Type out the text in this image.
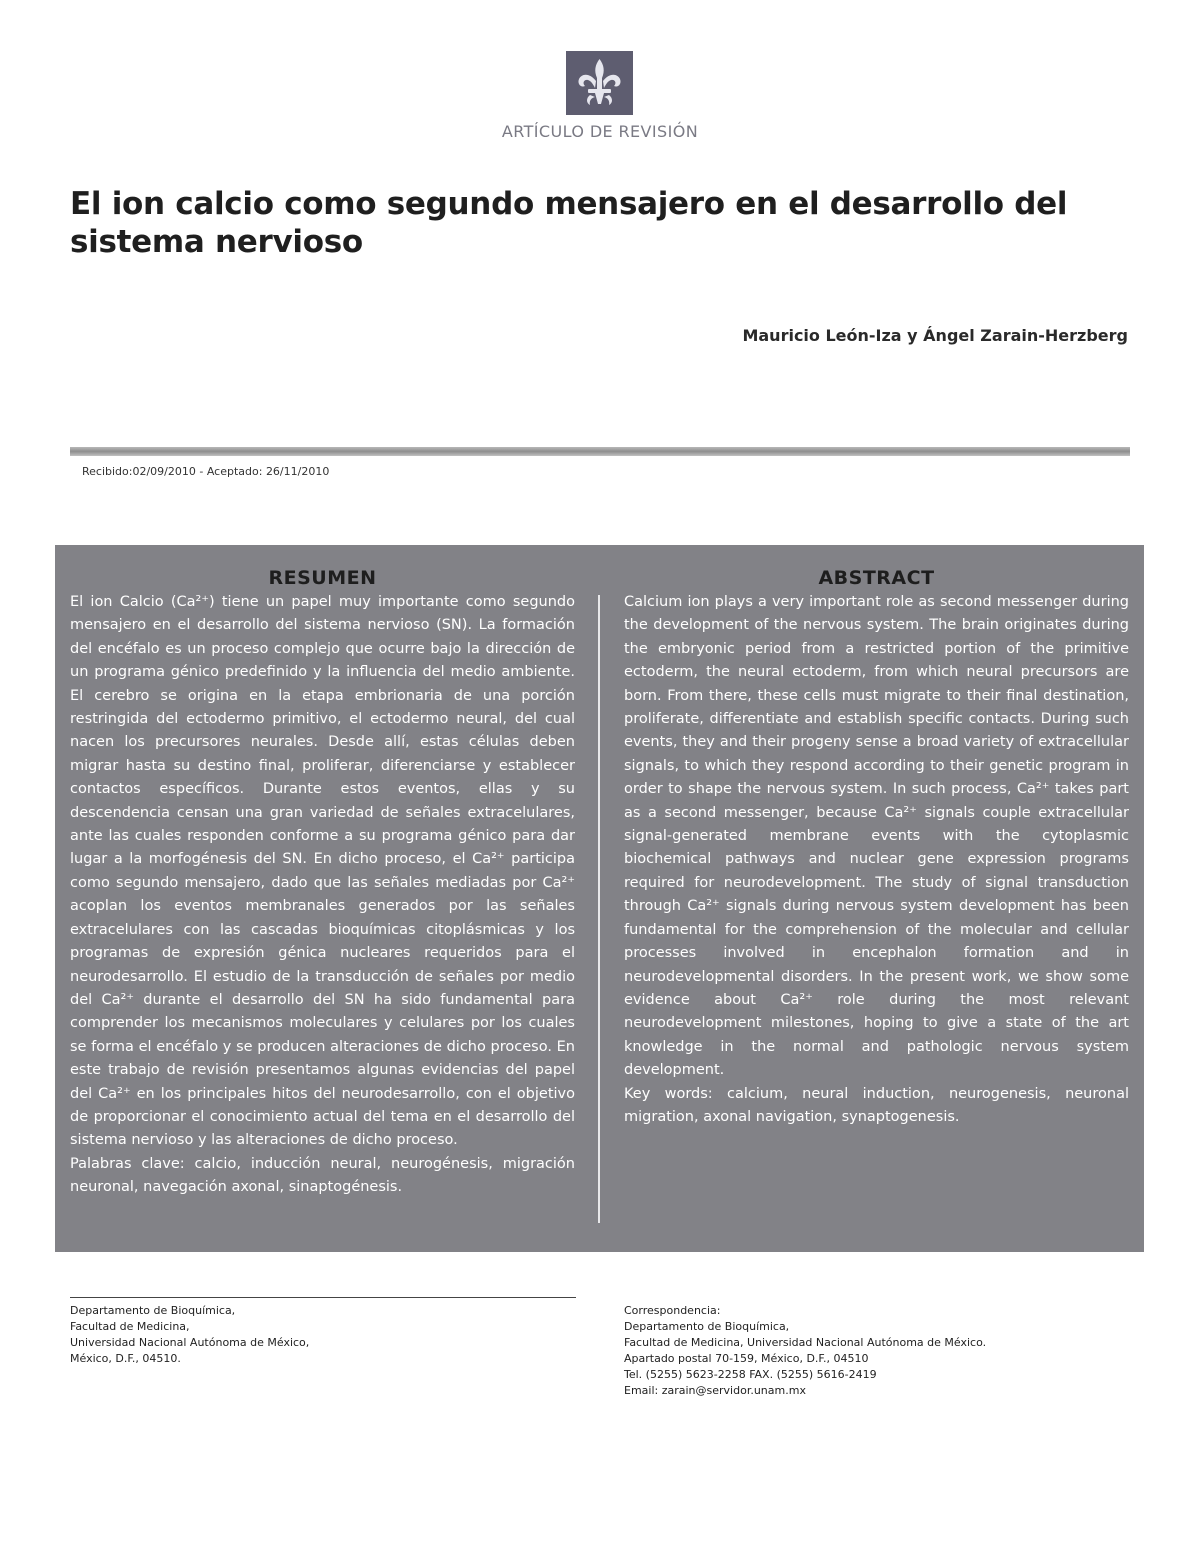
ARTÍCULO DE REVISIÓN
El ion calcio como segundo mensajero en el desarrollo del sistema nervioso
Mauricio León-Iza y Ángel Zarain-Herzberg
Recibido:02/09/2010 - Aceptado: 26/11/2010
RESUMEN

El ion Calcio (Ca²⁺) tiene un papel muy importante como segundo mensajero en el desarrollo del sistema nervioso (SN). La formación del encéfalo es un proceso complejo que ocurre bajo la dirección de un programa génico predefinido y la influencia del medio ambiente. El cerebro se origina en la etapa embrionaria de una porción restringida del ectodermo primitivo, el ectodermo neural, del cual nacen los precursores neurales. Desde allí, estas células deben migrar hasta su destino final, proliferar, diferenciarse y establecer contactos específicos. Durante estos eventos, ellas y su descendencia censan una gran variedad de señales extracelulares, ante las cuales responden conforme a su programa génico para dar lugar a la morfogénesis del SN. En dicho proceso, el Ca²⁺ participa como segundo mensajero, dado que las señales mediadas por Ca²⁺ acoplan los eventos membranales generados por las señales extracelulares con las cascadas bioquímicas citoplásmicas y los programas de expresión génica nucleares requeridos para el neurodesarrollo. El estudio de la transducción de señales por medio del Ca²⁺ durante el desarrollo del SN ha sido fundamental para comprender los mecanismos moleculares y celulares por los cuales se forma el encéfalo y se producen alteraciones de dicho proceso. En este trabajo de revisión presentamos algunas evidencias del papel del Ca²⁺ en los principales hitos del neurodesarrollo, con el objetivo de proporcionar el conocimiento actual del tema en el desarrollo del sistema nervioso y las alteraciones de dicho proceso.

Palabras clave: calcio, inducción neural, neurogénesis, migración neuronal, navegación axonal, sinaptogénesis.

ABSTRACT

Calcium ion plays a very important role as second messenger during the development of the nervous system. The brain originates during the embryonic period from a restricted portion of the primitive ectoderm, the neural ectoderm, from which neural precursors are born. From there, these cells must migrate to their final destination, proliferate, differentiate and establish specific contacts. During such events, they and their progeny sense a broad variety of extracellular signals, to which they respond according to their genetic program in order to shape the nervous system. In such process, Ca²⁺ takes part as a second messenger, because Ca²⁺ signals couple extracellular signal-generated membrane events with the cytoplasmic biochemical pathways and nuclear gene expression programs required for neurodevelopment. The study of signal transduction through Ca²⁺ signals during nervous system development has been fundamental for the comprehension of the molecular and cellular processes involved in encephalon formation and in neurodevelopmental disorders. In the present work, we show some evidence about Ca²⁺ role during the most relevant neurodevelopment milestones, hoping to give a state of the art knowledge in the normal and pathologic nervous system development.

Key words: calcium, neural induction, neurogenesis, neuronal migration, axonal navigation, synaptogenesis.

Departamento de Bioquímica,
Facultad de Medicina,
Universidad Nacional Autónoma de México,
México, D.F., 04510.
Correspondencia:
Departamento de Bioquímica,
Facultad de Medicina, Universidad Nacional Autónoma de México.
Apartado postal 70-159, México, D.F., 04510
Tel. (5255) 5623-2258 FAX. (5255) 5616-2419
Email: zarain@servidor.unam.mx
